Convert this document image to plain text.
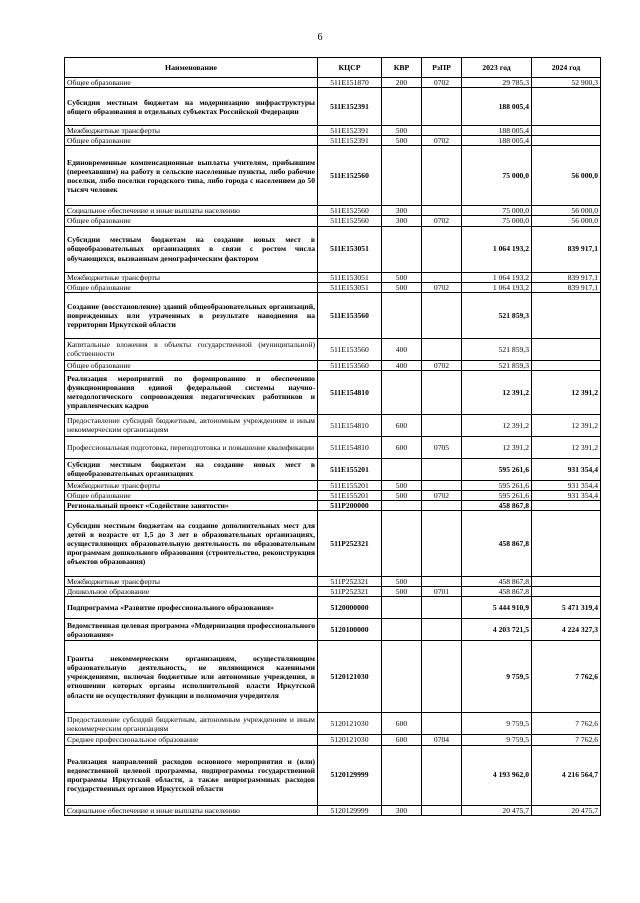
6
Наименование	КЦСР	КВР	РзПР	2023 год	2024 год
Общее образование	511E151870	200	0702	29 785,3	52 900,3
Субсидии местным бюджетам на модернизацию инфраструктуры общего образования в отдельных субъектах Российской Федерации	511E152391			188 005,4	
Межбюджетные трансферты	511E152391	500		188 005,4	
Общее образование	511E152391	500	0702	188 005,4	
Единовременные компенсационные выплаты учителям, прибывшим (переехавшим) на работу в сельские населенные пункты, либо рабочие поселки, либо поселки городского типа, либо города с населением до 50 тысяч человек	511E152560			75 000,0	56 000,0
Социальное обеспечение и иные выплаты населению	511E152560	300		75 000,0	56 000,0
Общее образование	511E152560	300	0702	75 000,0	56 000,0
Субсидии местным бюджетам на создание новых мест в общеобразовательных организациях в связи с ростом числа обучающихся, вызванным демографическим фактором	511E153051			1 064 193,2	839 917,1
Межбюджетные трансферты	511E153051	500		1 064 193,2	839 917,1
Общее образование	511E153051	500	0702	1 064 193,2	839 917,1
Создание (восстановление) зданий общеобразовательных организаций, поврежденных или утраченных в результате наводнения на территории Иркутской области	511E153560			521 859,3	
Капитальные вложения в объекты государственной (муниципальной) собственности	511E153560	400		521 859,3	
Общее образование	511E153560	400	0702	521 859,3	
Реализация мероприятий по формированию и обеспечению функционирования единой федеральной системы научно-методологического сопровождения педагогических работников и управленческих кадров	511E154810			12 391,2	12 391,2
Предоставление субсидий бюджетным, автономным учреждениям и иным некоммерческим организациям	511E154810	600		12 391,2	12 391,2
Профессиональная подготовка, переподготовка и повышение квалификации	511E154810	600	0705	12 391,2	12 391,2
Субсидии местным бюджетам на создание новых мест в общеобразовательных организациях	511E155201			595 261,6	931 354,4
Межбюджетные трансферты	511E155201	500		595 261,6	931 354,4
Общее образование	511E155201	500	0702	595 261,6	931 354,4
Региональный проект «Содействие занятости»	511P200000			458 867,8	
Субсидии местным бюджетам на создание дополнительных мест для детей в возрасте от 1,5 до 3 лет в образовательных организациях, осуществляющих образовательную деятельность по образовательным программам дошкольного образования (строительство, реконструкция объектов образования)	511P252321			458 867,8	
Межбюджетные трансферты	511P252321	500		458 867,8	
Дошкольное образование	511P252321	500	0701	458 867,8	
Подпрограмма «Развитие профессионального образования»	5120000000			5 444 910,9	5 471 319,4
Ведомственная целевая программа «Модернизация профессионального образования»	5120100000			4 203 721,5	4 224 327,3
Гранты некоммерческим организациям, осуществляющим образовательную деятельность, не являющимся казенными учреждениями, включая бюджетные или автономные учреждения, в отношении которых органы исполнительной власти Иркутской области не осуществляют функции и полномочия учредителя	5120121030			9 759,5	7 762,6
Предоставление субсидий бюджетным, автономным учреждениям и иным некоммерческим организациям	5120121030	600		9 759,5	7 762,6
Среднее профессиональное образование	5120121030	600	0704	9 759,5	7 762,6
Реализация направлений расходов основного мероприятия и (или) ведомственной целевой программы, подпрограммы государственной программы Иркутской области, а также непрограммных расходов государственных органов Иркутской области	5120129999			4 193 962,0	4 216 564,7
Социальное обеспечение и иные выплаты населению	5120129999	300		20 475,7	20 475,7
